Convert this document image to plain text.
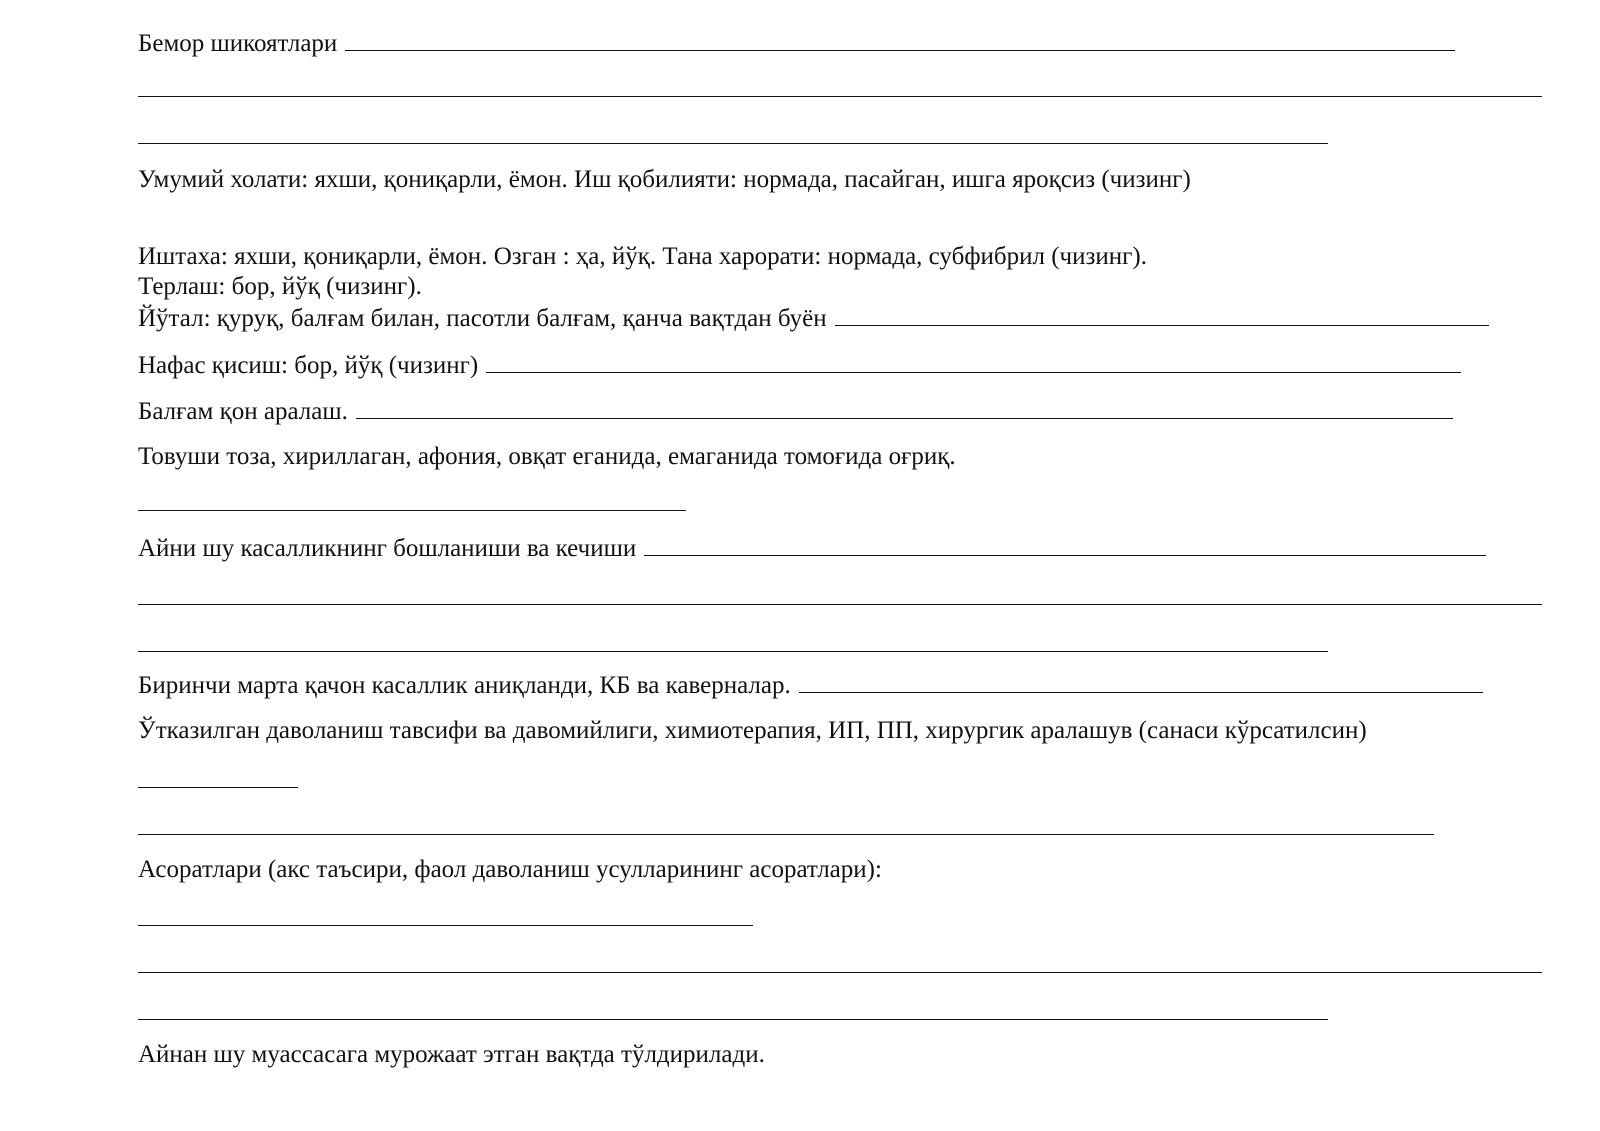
Бемор шикоятлари
Умумий холати: яхши, қониқарли, ёмон. Иш қобилияти: нормада, пасайган, ишга яроқсиз (чизинг)
Иштаха: яхши, қониқарли, ёмон. Озган : ҳа, йўқ. Тана харорати: нормада, субфибрил (чизинг).
Терлаш: бор, йўқ (чизинг).
Йўтал: қуруқ, балғам билан, пасотли балғам, қанча вақтдан буён
Нафас қисиш: бор, йўқ (чизинг)
Балғам қон аралаш.
Товуши тоза, хириллаган, афония, овқат еганида, емаганида томоғида оғриқ.
Айни шу касалликнинг бошланиши ва кечиши
Биринчи марта қачон касаллик аниқланди, КБ ва каверналар.
Ўтказилган даволаниш тавсифи ва давомийлиги, химиотерапия, ИП, ПП, хирургик аралашув (санаси кўрсатилсин)
Асоратлари (акс таъсири, фаол даволаниш усулларининг асоратлари):
Айнан шу муассасага мурожаат этган вақтда тўлдирилади.
